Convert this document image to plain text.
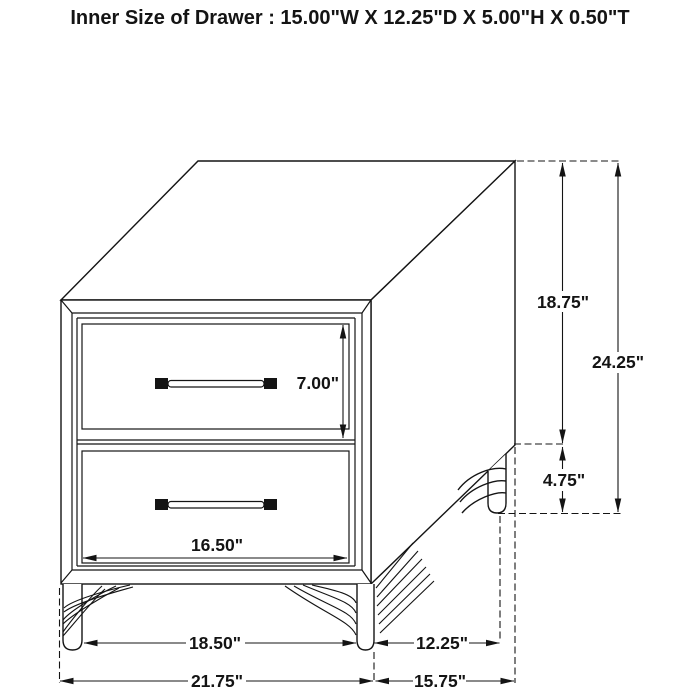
Inner Size of Drawer : 15.00"W X 12.25"D X 5.00"H X 0.50"T
7.00"
18.75"
24.25"
4.75"
16.50"
18.50"	12.25"
21.75"	15.75"
